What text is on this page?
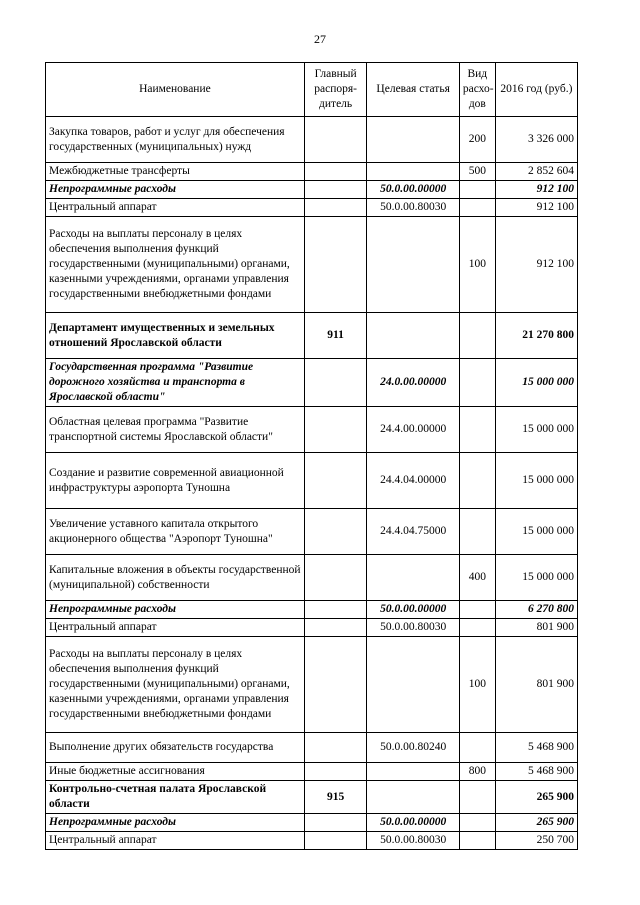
27
Наименование	Главный распоря-дитель	Целевая статья	Вид расхо-дов	2016 год (руб.)
Закупка товаров, работ и услуг для обеспечения государственных (муниципальных) нужд			200	3 326 000
Межбюджетные трансферты			500	2 852 604
Непрограммные расходы		50.0.00.00000		912 100
Центральный аппарат		50.0.00.80030		912 100
Расходы на выплаты персоналу в целях обеспечения выполнения функций государственными (муниципальными) органами, казенными учреждениями, органами управления государственными внебюджетными фондами			100	912 100
Департамент имущественных и земельных отношений Ярославской области	911			21 270 800
Государственная программа "Развитие дорожного хозяйства и транспорта в Ярославской области"		24.0.00.00000		15 000 000
Областная целевая программа "Развитие транспортной системы Ярославской области"		24.4.00.00000		15 000 000
Создание и развитие современной авиационной инфраструктуры аэропорта Туношна		24.4.04.00000		15 000 000
Увеличение уставного капитала открытого акционерного общества "Аэропорт Туношна"		24.4.04.75000		15 000 000
Капитальные вложения в объекты государственной (муниципальной) собственности			400	15 000 000
Непрограммные расходы		50.0.00.00000		6 270 800
Центральный аппарат		50.0.00.80030		801 900
Расходы на выплаты персоналу в целях обеспечения выполнения функций государственными (муниципальными) органами, казенными учреждениями, органами управления государственными внебюджетными фондами			100	801 900
Выполнение других обязательств государства		50.0.00.80240		5 468 900
Иные бюджетные ассигнования			800	5 468 900
Контрольно-счетная палата Ярославской области	915			265 900
Непрограммные расходы		50.0.00.00000		265 900
Центральный аппарат		50.0.00.80030		250 700
